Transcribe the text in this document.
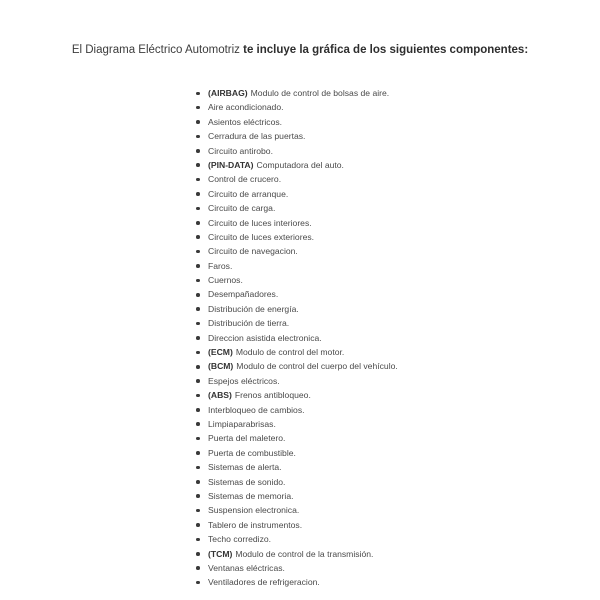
El Diagrama Eléctrico Automotriz te incluye la gráfica de los siguientes componentes:
(AIRBAG) Modulo de control de bolsas de aire.
Aire acondicionado.
Asientos eléctricos.
Cerradura de las puertas.
Circuito antirobo.
(PIN-DATA) Computadora del auto.
Control de crucero.
Circuito de arranque.
Circuito de carga.
Circuito de luces interiores.
Circuito de luces exteriores.
Circuito de navegacion.
Faros.
Cuernos.
Desempañadores.
Distribución de energía.
Distribución de tierra.
Direccion asistida electronica.
(ECM) Modulo de control del motor.
(BCM) Modulo de control del cuerpo del vehículo.
Espejos eléctricos.
(ABS) Frenos antibloqueo.
Interbloqueo de cambios.
Limpiaparabrisas.
Puerta del maletero.
Puerta de combustible.
Sistemas de alerta.
Sistemas de sonido.
Sistemas de memoria.
Suspension electronica.
Tablero de instrumentos.
Techo corredizo.
(TCM) Modulo de control de la transmisión.
Ventanas eléctricas.
Ventiladores de refrigeracion.
